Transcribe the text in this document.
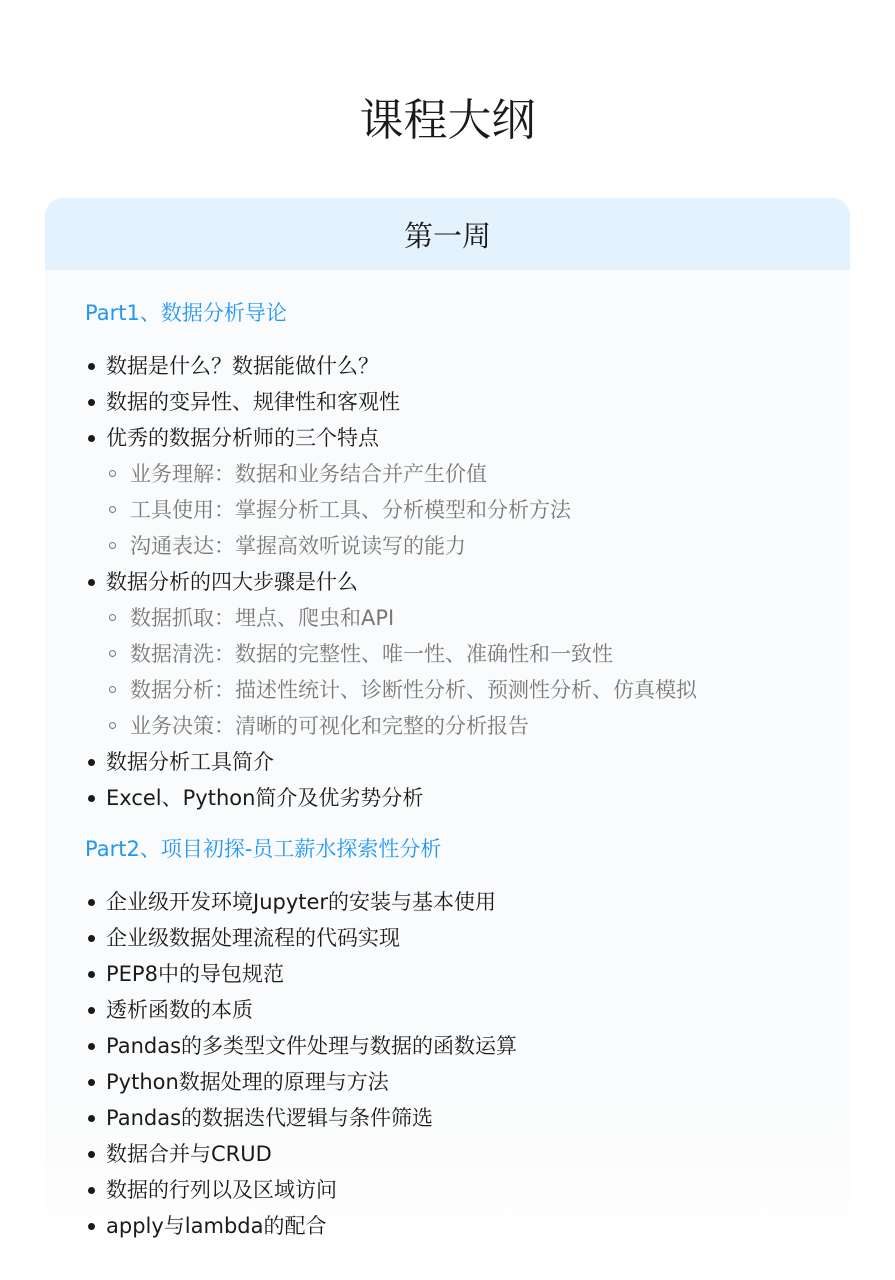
课程大纲
第一周
Part1、数据分析导论
数据是什么？数据能做什么？
数据的变异性、规律性和客观性
优秀的数据分析师的三个特点
业务理解：数据和业务结合并产生价值
工具使用：掌握分析工具、分析模型和分析方法
沟通表达：掌握高效听说读写的能力
数据分析的四大步骤是什么
数据抓取：埋点、爬虫和API
数据清洗：数据的完整性、唯一性、准确性和一致性
数据分析：描述性统计、诊断性分析、预测性分析、仿真模拟
业务决策：清晰的可视化和完整的分析报告
数据分析工具简介
Excel、Python简介及优劣势分析
Part2、项目初探-员工薪水探索性分析
企业级开发环境Jupyter的安装与基本使用
企业级数据处理流程的代码实现
PEP8中的导包规范
透析函数的本质
Pandas的多类型文件处理与数据的函数运算
Python数据处理的原理与方法
Pandas的数据迭代逻辑与条件筛选
数据合并与CRUD
数据的行列以及区域访问
apply与lambda的配合
